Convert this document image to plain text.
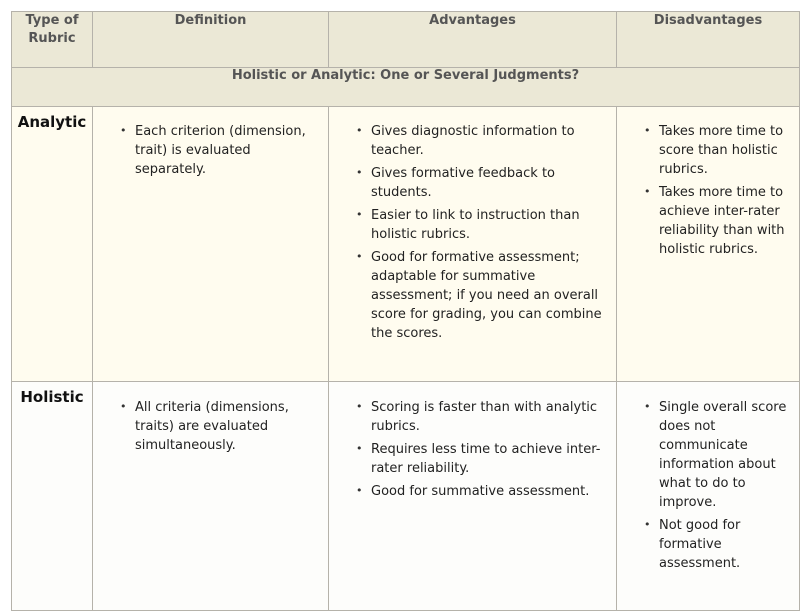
Type of Rubric	Definition	Advantages	Disadvantages
Holistic or Analytic: One or Several Judgments?			

Analytic

• Each criterion (dimension, trait) is evaluated separately.

• Gives diagnostic information to teacher.
• Gives formative feedback to students.
• Easier to link to instruction than holistic rubrics.
• Good for formative assessment; adaptable for summative assessment; if you need an overall score for grading, you can combine the scores.

• Takes more time to score than holistic rubrics.
• Takes more time to achieve inter-rater reliability than with holistic rubrics.

Holistic

• All criteria (dimensions, traits) are evaluated simultaneously.

• Scoring is faster than with analytic rubrics.
• Requires less time to achieve inter-rater reliability.
• Good for summative assessment.

• Single overall score does not communicate information about what to do to improve.
• Not good for formative assessment.
